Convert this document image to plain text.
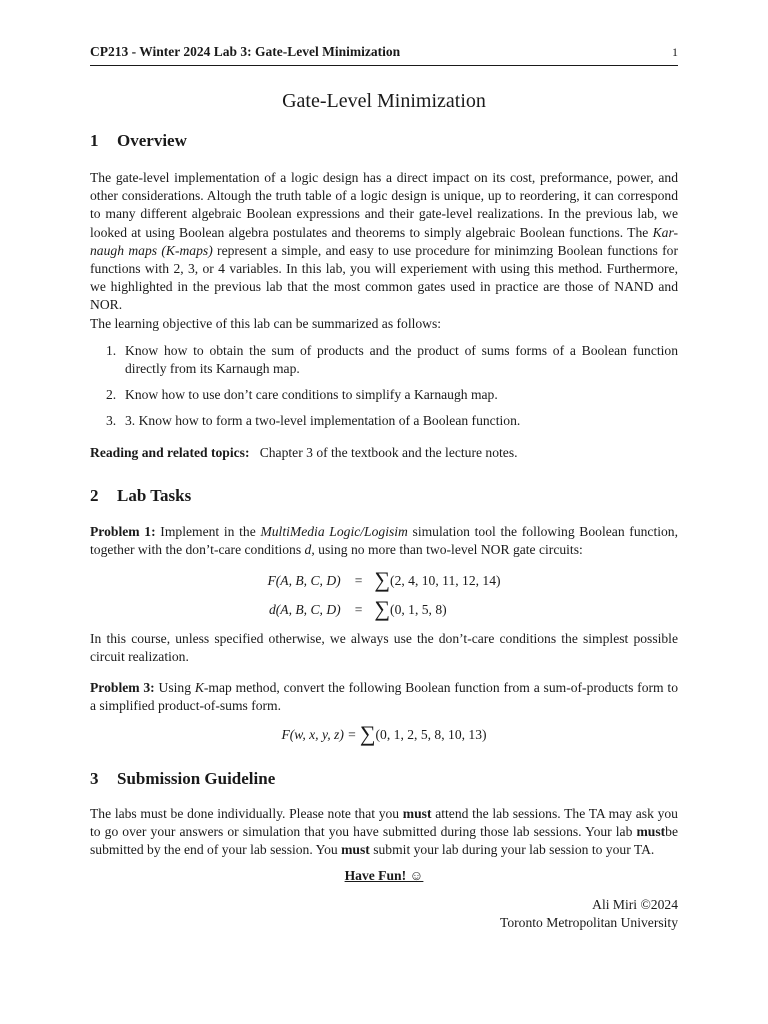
CP213 - Winter 2024 Lab 3: Gate-Level Minimization	1
Gate-Level Minimization
1 Overview

The gate-level implementation of a logic design has a direct impact on its cost, preformance, power, and other considerations. Altough the truth table of a logic design is unique, up to reordering, it can correspond to many different algebraic Boolean expressions and their gate-level realizations. In the previous lab, we looked at using Boolean algebra postulates and theorems to simply algebraic Boolean functions. The Kar-naugh maps (K-maps) represent a simple, and easy to use procedure for minimzing Boolean functions for functions with 2, 3, or 4 variables. In this lab, you will experiement with using this method. Furthermore, we highlighted in the previous lab that the most common gates used in practice are those of NAND and NOR.

The learning objective of this lab can be summarized as follows:

1. Know how to obtain the sum of products and the product of sums forms of a Boolean function directly from its Karnaugh map.
2. Know how to use don’t care conditions to simplify a Karnaugh map.
3. 3. Know how to form a two-level implementation of a Boolean function.

Reading and related topics: Chapter 3 of the textbook and the lecture notes.

2 Lab Tasks

Problem 1: Implement in the MultiMedia Logic/Logisim simulation tool the following Boolean function, together with the don’t-care conditions d, using no more than two-level NOR gate circuits:

F(A, B, C, D)	=	∑(2, 4, 10, 11, 12, 14)
d(A, B, C, D)	=	∑(0, 1, 5, 8)

In this course, unless specified otherwise, we always use the don’t-care conditions the simplest possible circuit realization.

Problem 3: Using K-map method, convert the following Boolean function from a sum-of-products form to a simplified product-of-sums form.

F(w, x, y, z) = ∑(0, 1, 2, 5, 8, 10, 13)
3 Submission Guideline

The labs must be done individually. Please note that you must attend the lab sessions. The TA may ask you to go over your answers or simulation that you have submitted during those lab sessions. Your lab mustbe submitted by the end of your lab session. You must submit your lab during your lab session to your TA.

Have Fun! ☺

Ali Miri ©2024
Toronto Metropolitan University
